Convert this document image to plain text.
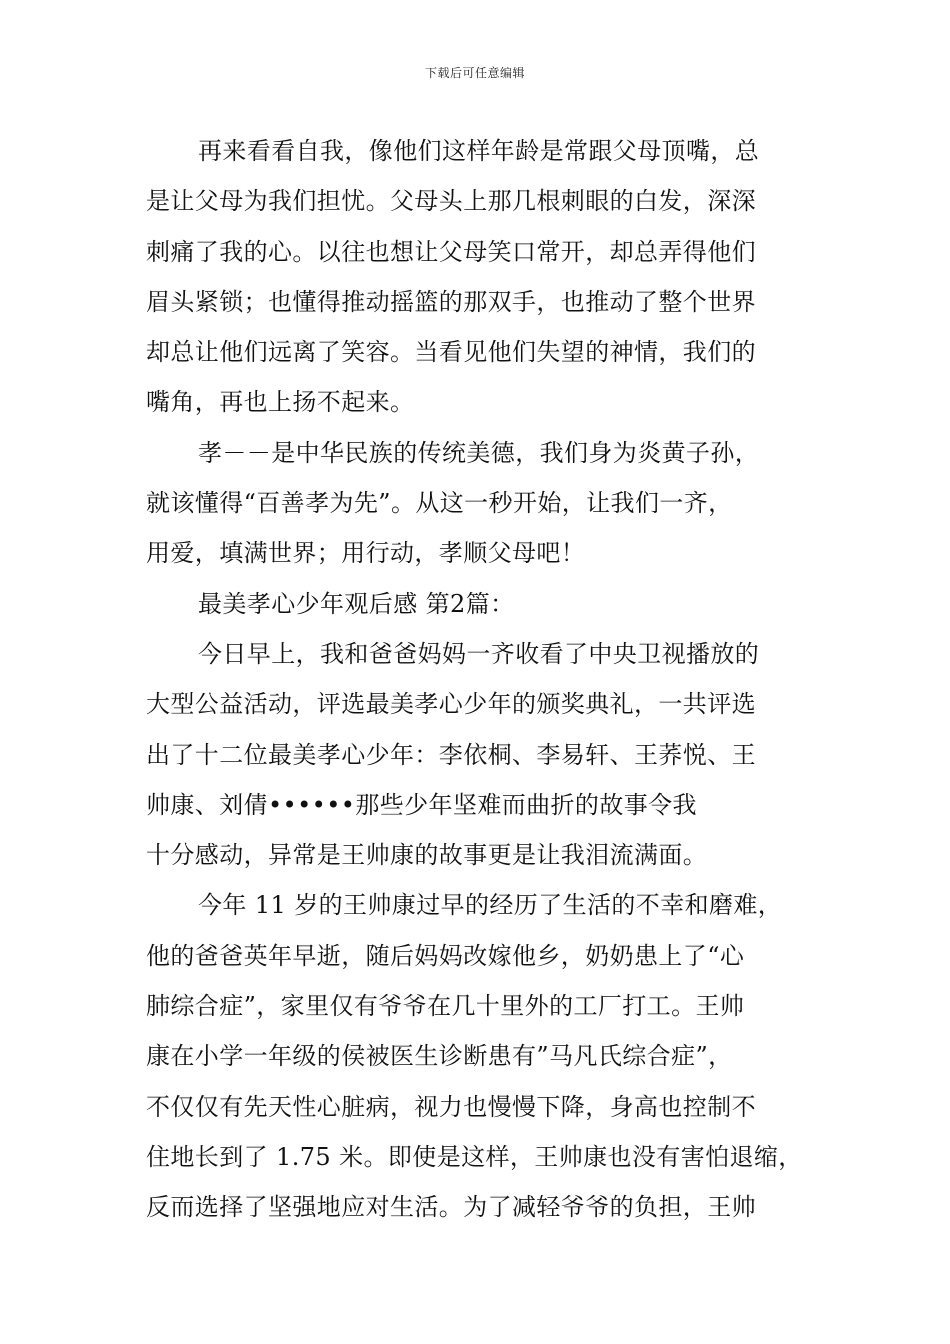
下载后可任意编辑
再来看看自我，像他们这样年龄是常跟父母顶嘴，总
是让父母为我们担忧。父母头上那几根刺眼的白发，深深
刺痛了我的心。以往也想让父母笑口常开，却总弄得他们
眉头紧锁；也懂得推动摇篮的那双手，也推动了整个世界
却总让他们远离了笑容。当看见他们失望的神情，我们的
嘴角，再也上扬不起来。
孝－－是中华民族的传统美德，我们身为炎黄子孙，
就该懂得“百善孝为先”。从这一秒开始，让我们一齐，
用爱，填满世界；用行动，孝顺父母吧！
最美孝心少年观后感 第2篇：
今日早上，我和爸爸妈妈一齐收看了中央卫视播放的
大型公益活动，评选最美孝心少年的颁奖典礼，一共评选
出了十二位最美孝心少年：李依桐、李易轩、王荞悦、王
帅康、刘倩••••••那些少年坚难而曲折的故事令我
十分感动，异常是王帅康的故事更是让我泪流满面。
今年 11 岁的王帅康过早的经历了生活的不幸和磨难，
他的爸爸英年早逝，随后妈妈改嫁他乡，奶奶患上了“心
肺综合症”，家里仅有爷爷在几十里外的工厂打工。王帅
康在小学一年级的侯被医生诊断患有”马凡氏综合症”，
不仅仅有先天性心脏病，视力也慢慢下降，身高也控制不
住地长到了 1.75 米。即使是这样，王帅康也没有害怕退缩，
反而选择了坚强地应对生活。为了减轻爷爷的负担，王帅
